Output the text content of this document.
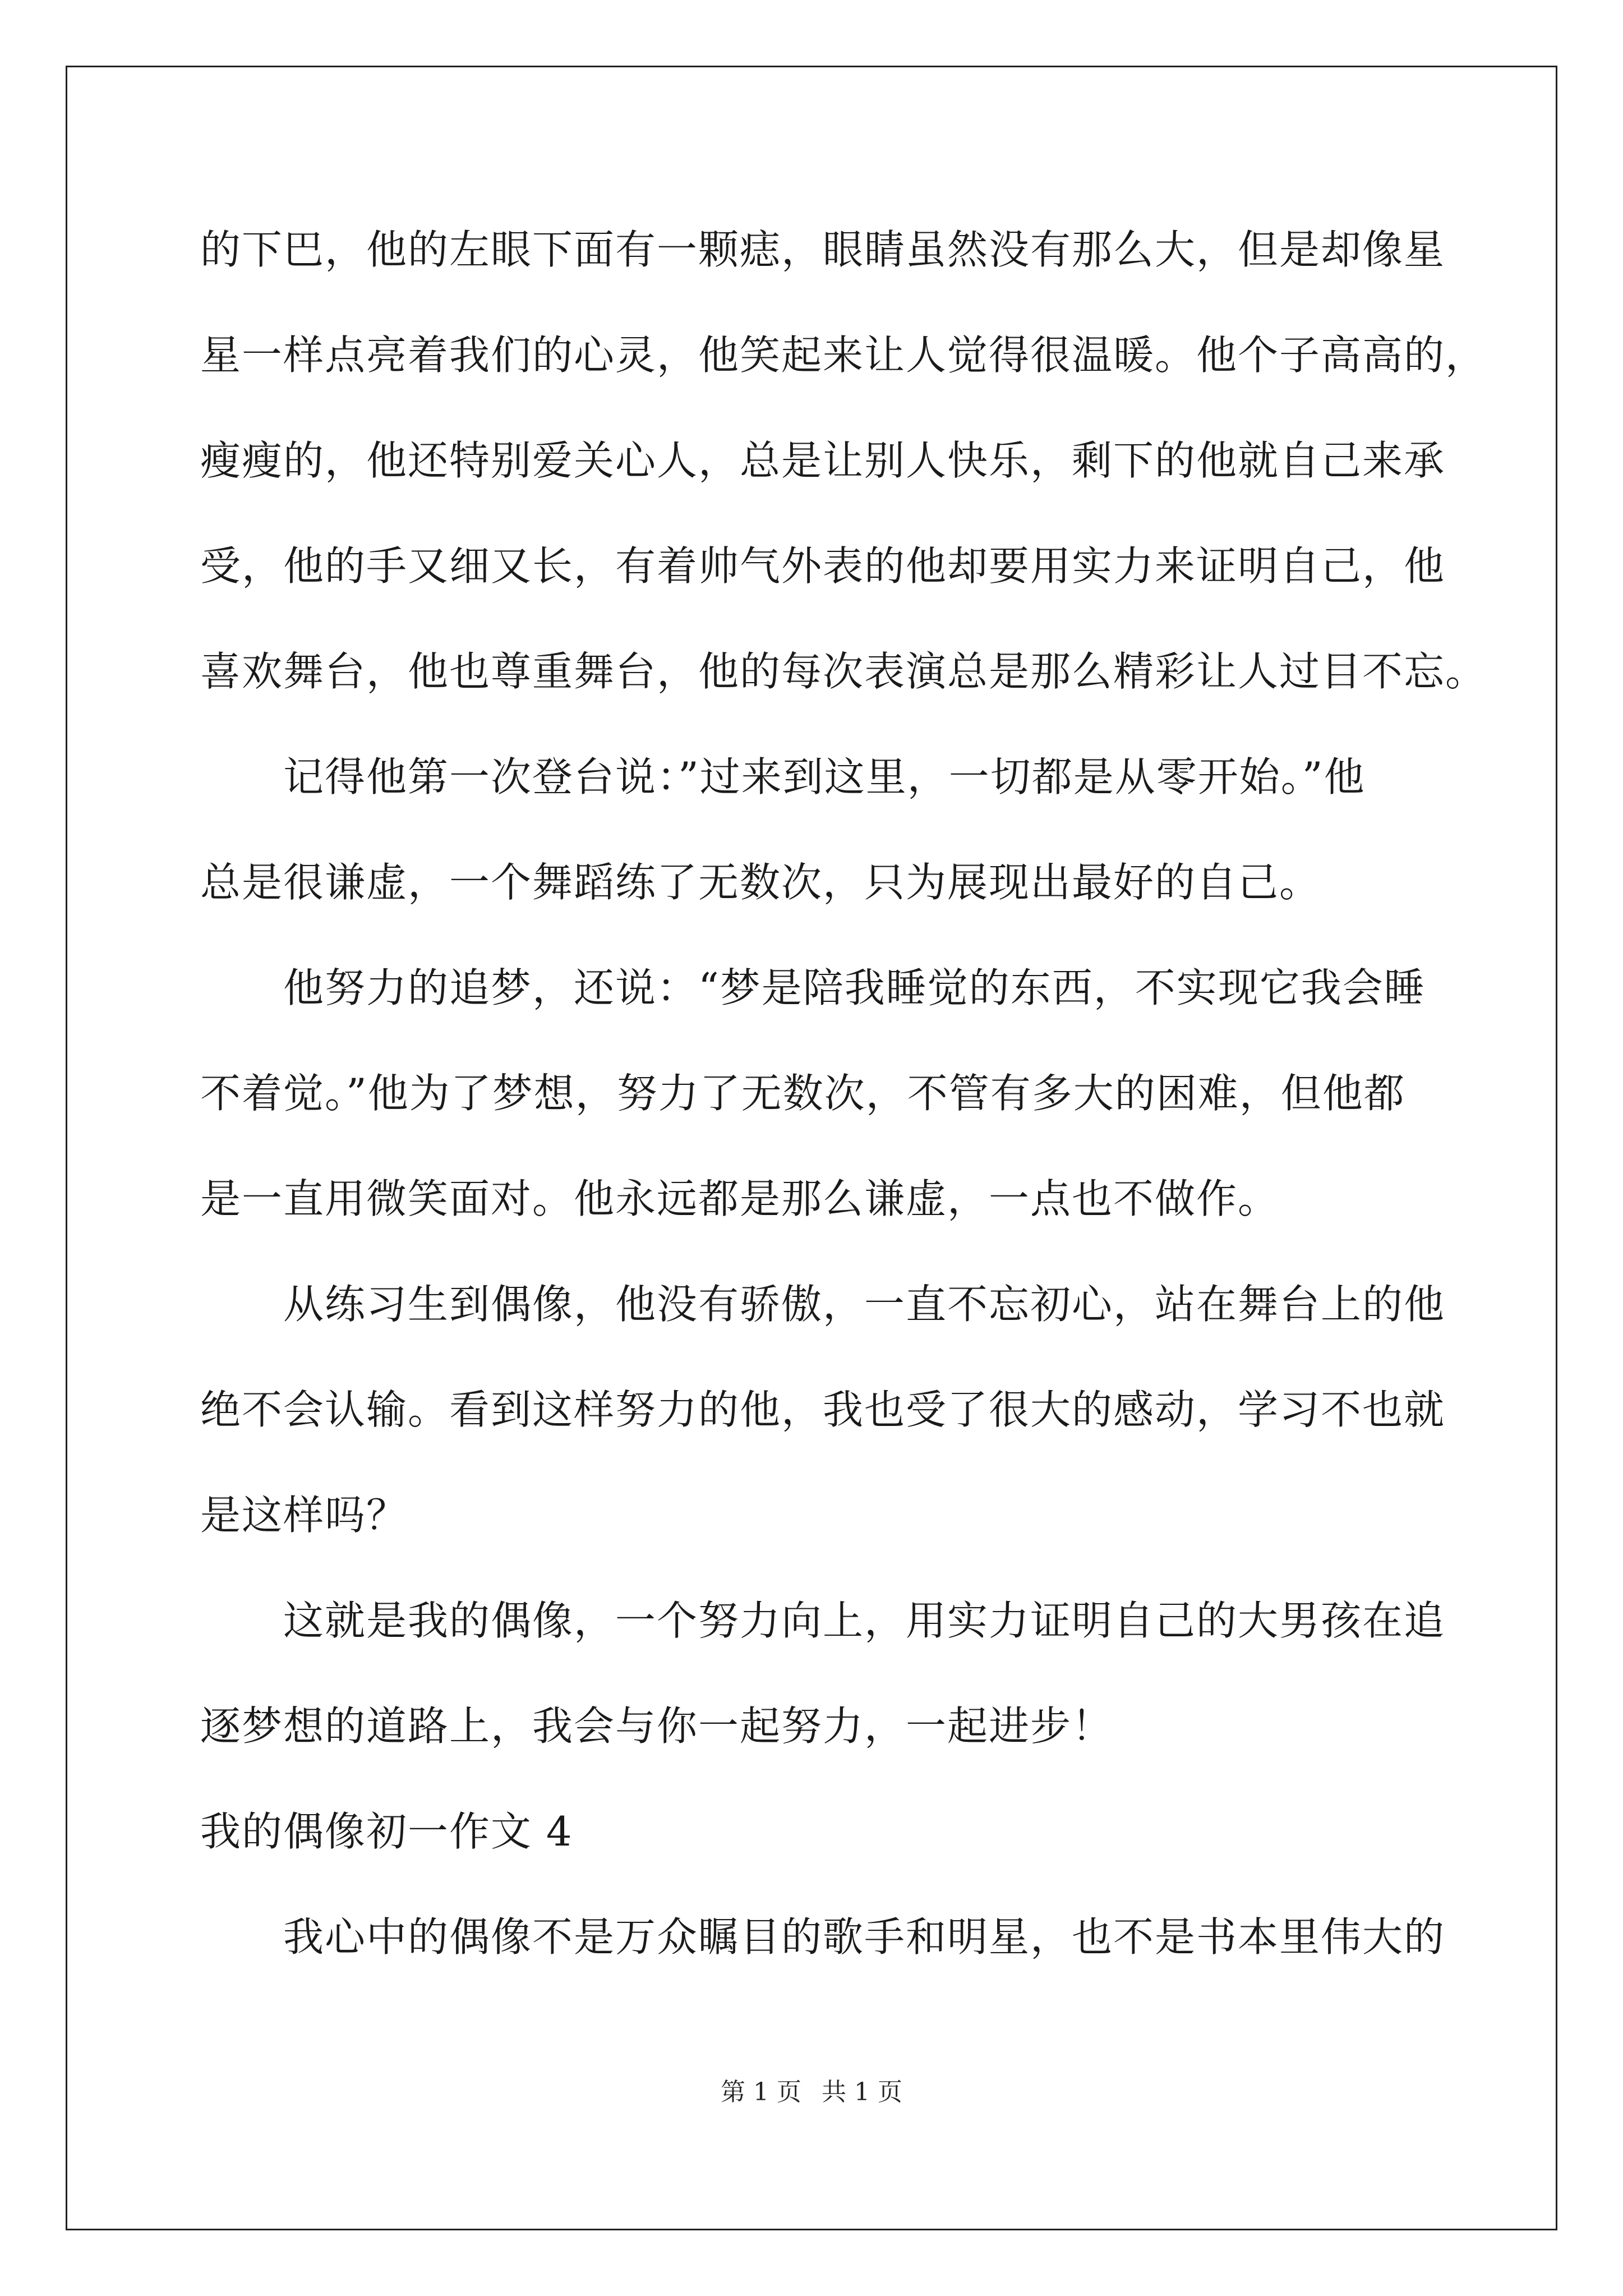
的下巴，他的左眼下面有一颗痣，眼睛虽然没有那么大，但是却像星
星一样点亮着我们的心灵，他笑起来让人觉得很温暖。他个子高高的，
瘦瘦的，他还特别爱关心人，总是让别人快乐，剩下的他就自己来承
受，他的手又细又长，有着帅气外表的他却要用实力来证明自己，他
喜欢舞台，他也尊重舞台，他的每次表演总是那么精彩让人过目不忘。
　　记得他第一次登台说：”过来到这里，一切都是从零开始。”他
总是很谦虚，一个舞蹈练了无数次，只为展现出最好的自己。
　　他努力的追梦，还说：“梦是陪我睡觉的东西，不实现它我会睡
不着觉。”他为了梦想，努力了无数次，不管有多大的困难，但他都
是一直用微笑面对。他永远都是那么谦虚，一点也不做作。
　　从练习生到偶像，他没有骄傲，一直不忘初心，站在舞台上的他
绝不会认输。看到这样努力的他，我也受了很大的感动，学习不也就
是这样吗？
　　这就是我的偶像，一个努力向上，用实力证明自己的大男孩在追
逐梦想的道路上，我会与你一起努力，一起进步！
我的偶像初一作文 4
　　我心中的偶像不是万众瞩目的歌手和明星，也不是书本里伟大的
第 1 页 共 1 页
